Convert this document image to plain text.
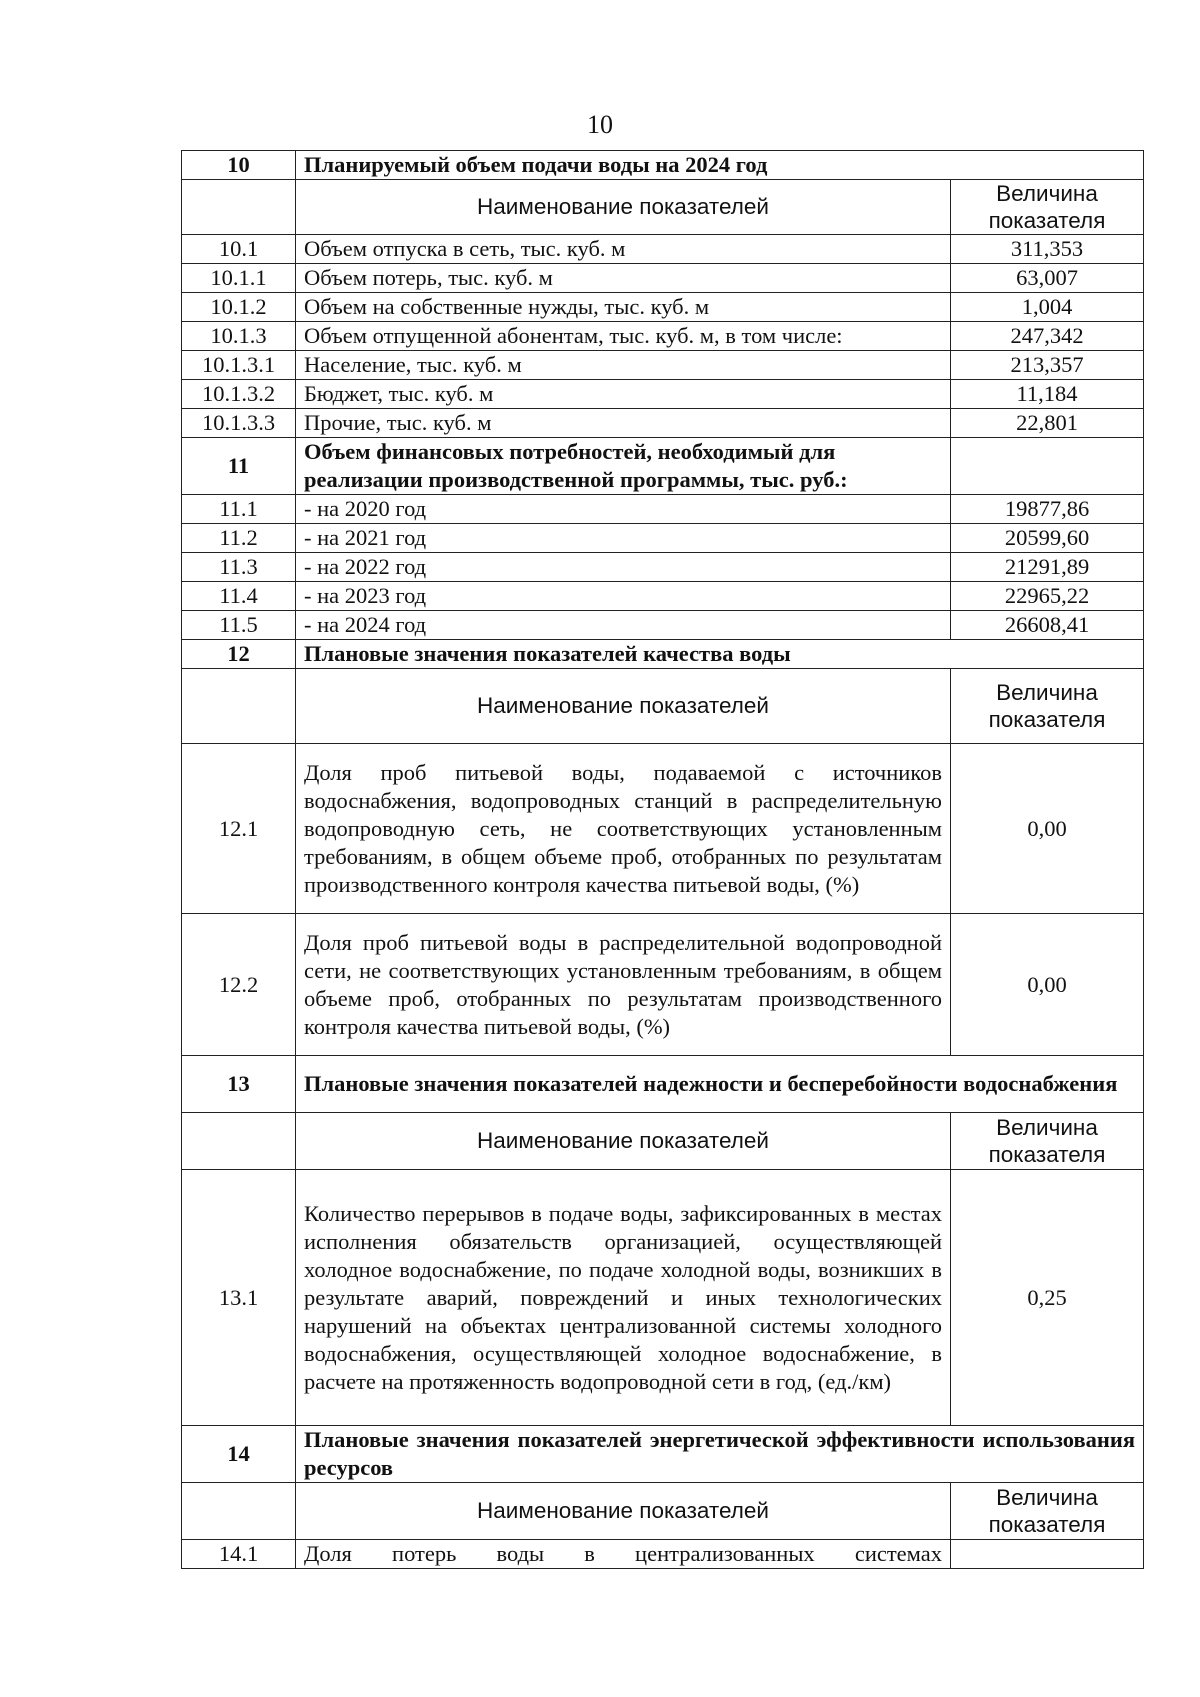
10
10	Планируемый объем подачи воды на 2024 год	
	Наименование показателей	Величина показателя
10.1	Объем отпуска в сеть, тыс. куб. м	311,353
10.1.1	Объем потерь, тыс. куб. м	63,007
10.1.2	Объем на собственные нужды, тыс. куб. м	1,004
10.1.3	Объем отпущенной абонентам, тыс. куб. м, в том числе:	247,342
10.1.3.1	Население, тыс. куб. м	213,357
10.1.3.2	Бюджет, тыс. куб. м	11,184
10.1.3.3	Прочие, тыс. куб. м	22,801
11	Объем финансовых потребностей, необходимый для реализации производственной программы, тыс. руб.:	
11.1	- на 2020 год	19877,86
11.2	- на 2021 год	20599,60
11.3	- на 2022 год	21291,89
11.4	- на 2023 год	22965,22
11.5	- на 2024 год	26608,41
12	Плановые значения показателей качества воды	
	Наименование показателей	Величина показателя
12.1	Доля проб питьевой воды, подаваемой с источников водоснабжения, водопроводных станций в распределительную водопроводную сеть, не соответствующих установленным требованиям, в общем объеме проб, отобранных по результатам производственного контроля качества питьевой воды, (%)	0,00
12.2	Доля проб питьевой воды в распределительной водопроводной сети, не соответствующих установленным требованиям, в общем объеме проб, отобранных по результатам производственного контроля качества питьевой воды, (%)	0,00
13	Плановые значения показателей надежности и бесперебойности водоснабжения	
	Наименование показателей	Величина показателя
13.1	Количество перерывов в подаче воды, зафиксированных в местах исполнения обязательств организацией, осуществляющей холодное водоснабжение, по подаче холодной воды, возникших в результате аварий, повреждений и иных технологических нарушений на объектах централизованной системы холодного водоснабжения, осуществляющей холодное водоснабжение, в расчете на протяженность водопроводной сети в год, (ед./км)	0,25
14	Плановые значения показателей энергетической эффективности использования ресурсов	
	Наименование показателей	Величина показателя
14.1	Доля потерь воды в централизованных системах	
